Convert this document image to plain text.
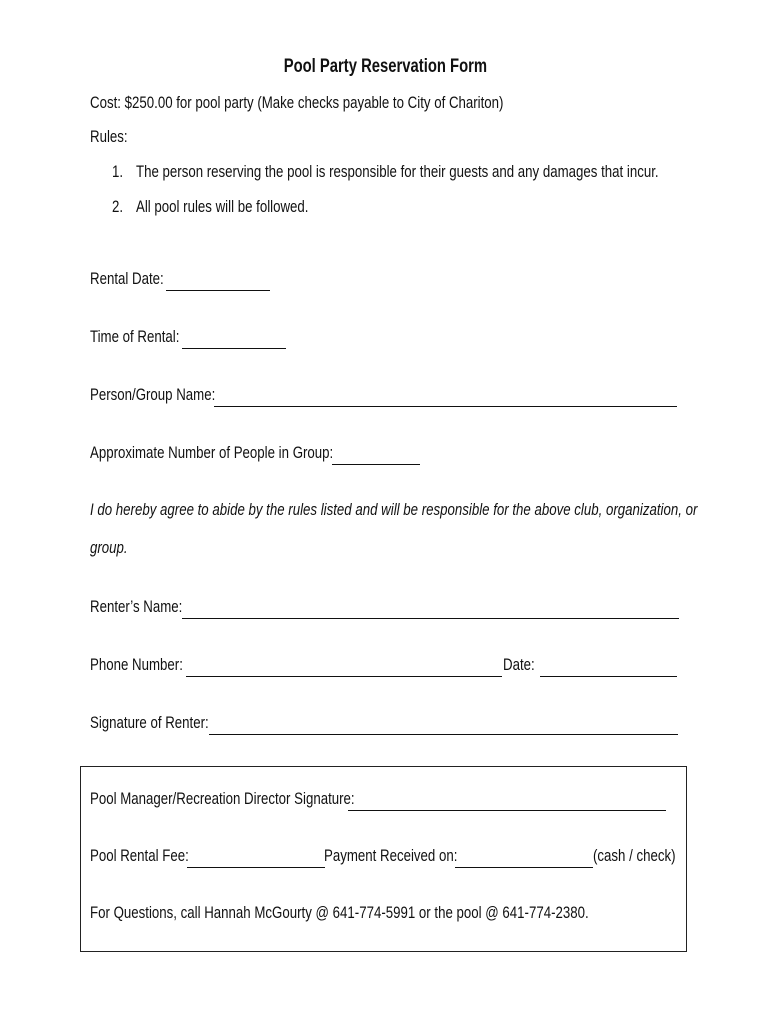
Pool Party Reservation Form
Cost: $250.00 for pool party (Make checks payable to City of Chariton)
Rules:
1. The person reserving the pool is responsible for their guests and any damages that incur.
2. All pool rules will be followed.
Rental Date:
Time of Rental:
Person/Group Name:
Approximate Number of People in Group:
I do hereby agree to abide by the rules listed and will be responsible for the above club, organization, or
group.
Renter’s Name:
Phone Number:	Date:
Signature of Renter:
Pool Manager/Recreation Director Signature:
Pool Rental Fee:	Payment Received on:	(cash / check)
For Questions, call Hannah McGourty @ 641-774-5991 or the pool @ 641-774-2380.
